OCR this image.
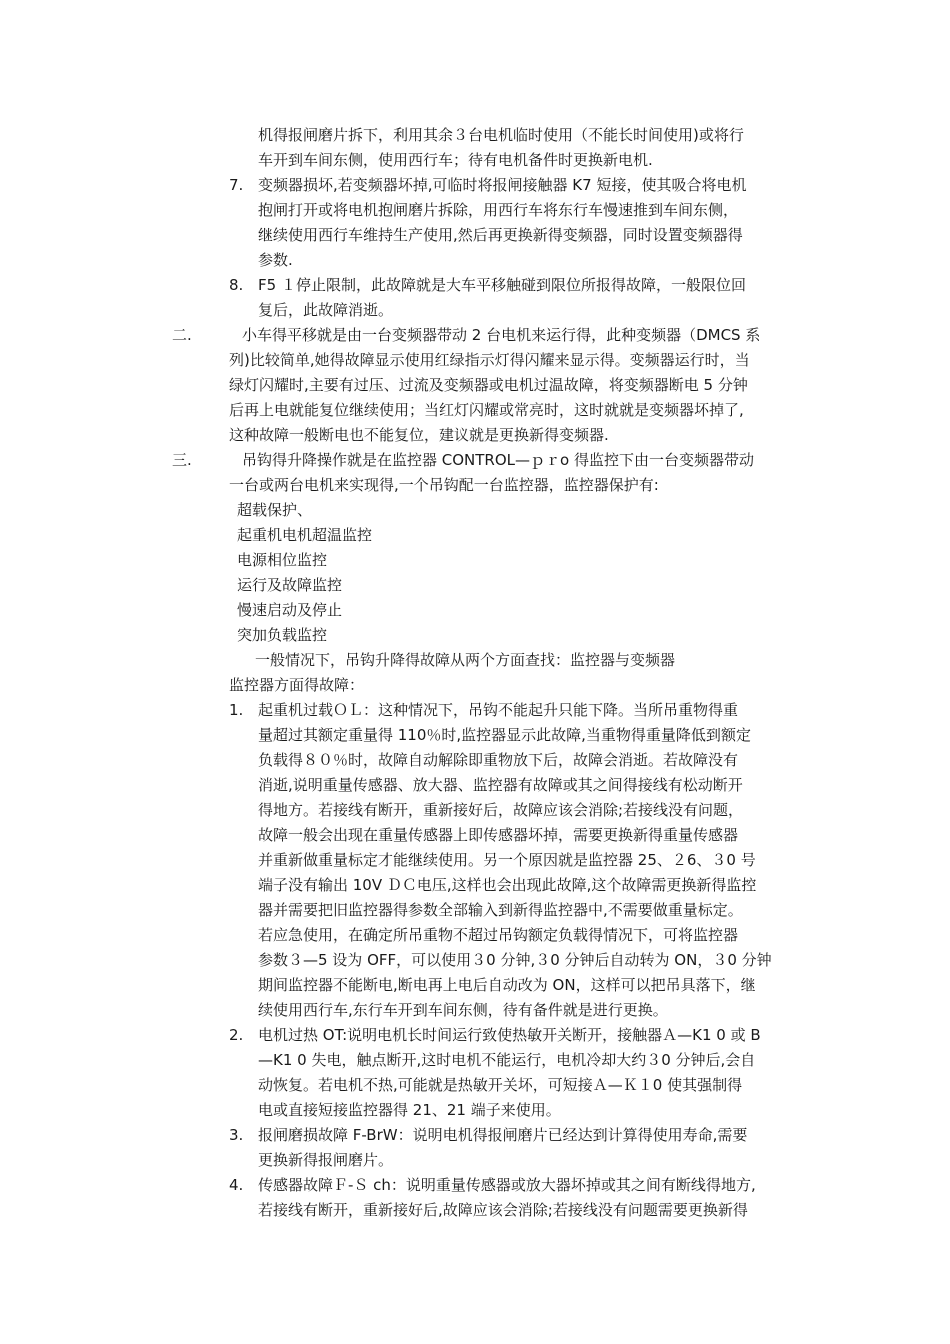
机得报闸磨片拆下，利用其余３台电机临时使用（不能长时间使用)或将行
车开到车间东侧，使用西行车；待有电机备件时更换新电机.
7. 变频器损坏,若变频器坏掉,可临时将报闸接触器 K7 短接，使其吸合将电机
抱闸打开或将电机抱闸磨片拆除，用西行车将东行车慢速推到车间东侧，
继续使用西行车维持生产使用,然后再更换新得变频器，同时设置变频器得
参数.
8. F5 １停止限制，此故障就是大车平移触碰到限位所报得故障，一般限位回
复后，此故障消逝。
二.	小车得平移就是由一台变频器带动 2 台电机来运行得，此种变频器（DMCS 系
列)比较简单,她得故障显示使用红绿指示灯得闪耀来显示得。变频器运行时，当
绿灯闪耀时,主要有过压、过流及变频器或电机过温故障，将变频器断电 5 分钟
后再上电就能复位继续使用；当红灯闪耀或常亮时，这时就就是变频器坏掉了,
这种故障一般断电也不能复位，建议就是更换新得变频器.
三.	吊钩得升降操作就是在监控器 CONTROL—ｐｒo 得监控下由一台变频器带动
一台或两台电机来实现得,一个吊钩配一台监控器，监控器保护有:
超载保护、
起重机电机超温监控
电源相位监控
运行及故障监控
慢速启动及停止
突加负载监控
一般情况下，吊钩升降得故障从两个方面查找：监控器与变频器
监控器方面得故障：
1. 起重机过载ＯＬ：这种情况下，吊钩不能起升只能下降。当所吊重物得重
量超过其额定重量得 110％时,监控器显示此故障,当重物得重量降低到额定
负载得８０％时，故障自动解除即重物放下后，故障会消逝。若故障没有
消逝,说明重量传感器、放大器、监控器有故障或其之间得接线有松动断开
得地方。若接线有断开，重新接好后，故障应该会消除;若接线没有问题，
故障一般会出现在重量传感器上即传感器坏掉，需要更换新得重量传感器
并重新做重量标定才能继续使用。另一个原因就是监控器 25、２6、３0 号
端子没有输出 10V ＤＣ电压,这样也会出现此故障,这个故障需更换新得监控
器并需要把旧监控器得参数全部输入到新得监控器中,不需要做重量标定。
若应急使用，在确定所吊重物不超过吊钩额定负载得情况下，可将监控器
参数３—5 设为 OFF，可以使用３0 分钟,３0 分钟后自动转为 ON，３0 分钟
期间监控器不能断电,断电再上电后自动改为 ON，这样可以把吊具落下，继
续使用西行车,东行车开到车间东侧，待有备件就是进行更换。
2. 电机过热 OT:说明电机长时间运行致使热敏开关断开，接触器Ａ—K1 0 或 B
—K1 0 失电，触点断开,这时电机不能运行，电机冷却大约３0 分钟后,会自
动恢复。若电机不热,可能就是热敏开关坏，可短接Ａ—Ｋ１0 使其强制得
电或直接短接监控器得 21、21 端子来使用。
3. 报闸磨损故障 F-BrW：说明电机得报闸磨片已经达到计算得使用寿命,需要
更换新得报闸磨片。
4. 传感器故障Ｆ-Ｓ ch：说明重量传感器或放大器坏掉或其之间有断线得地方,
若接线有断开，重新接好后,故障应该会消除;若接线没有问题需要更换新得
